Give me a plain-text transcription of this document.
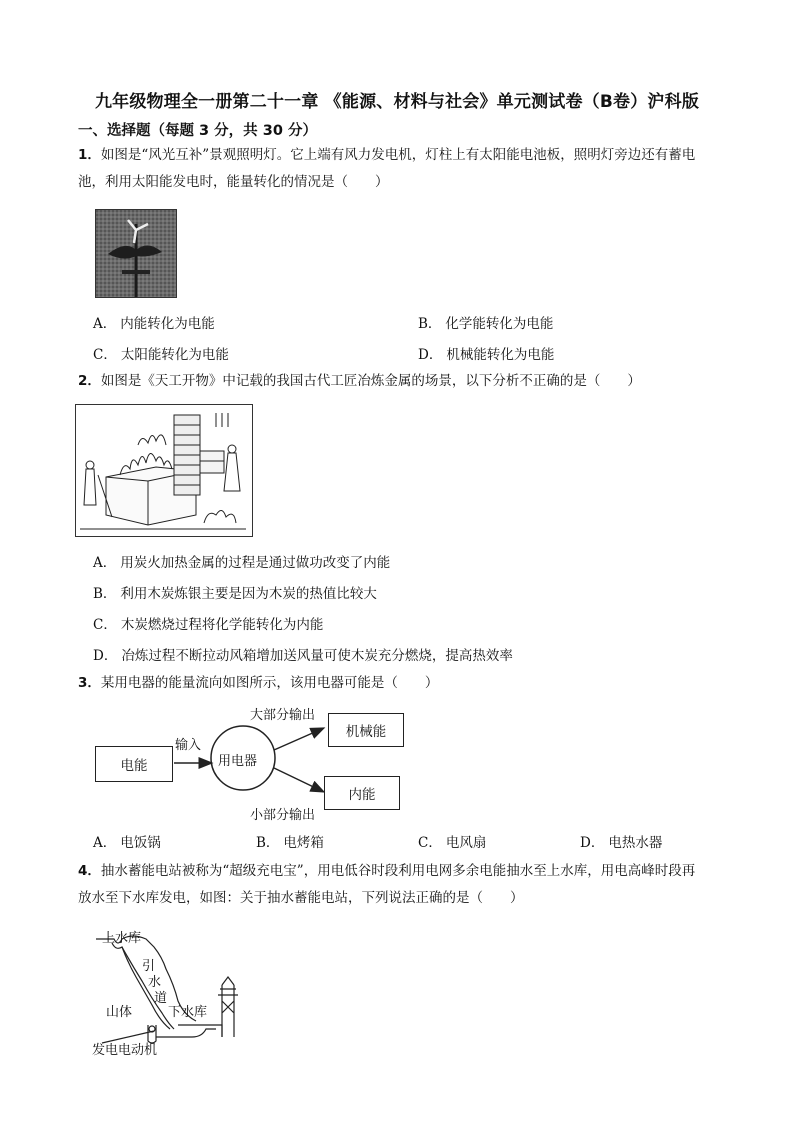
九年级物理全一册第二十一章 《能源、材料与社会》单元测试卷（B卷）沪科版
一、选择题（每题 3 分，共 30 分）
1．如图是“风光互补”景观照明灯。它上端有风力发电机，灯柱上有太阳能电池板，照明灯旁边还有蓄电
池，利用太阳能发电时，能量转化的情况是（　　）
A． 内能转化为电能	B． 化学能转化为电能
C． 太阳能转化为电能	D． 机械能转化为电能
2．如图是《天工开物》中记载的我国古代工匠冶炼金属的场景，以下分析不正确的是（　　）
A． 用炭火加热金属的过程是通过做功改变了内能
B． 利用木炭炼银主要是因为木炭的热值比较大
C． 木炭燃烧过程将化学能转化为内能
D． 冶炼过程不断拉动风箱增加送风量可使木炭充分燃烧，提高热效率
3．某用电器的能量流向如图所示，该用电器可能是（　　）
电能
输入
用电器
大部分输出
机械能
小部分输出
内能
A． 电饭锅	B． 电烤箱	C． 电风扇	D． 电热水器
4．抽水蓄能电站被称为“超级充电宝”，用电低谷时段利用电网多余电能抽水至上水库，用电高峰时段再
放水至下水库发电，如图：关于抽水蓄能电站，下列说法正确的是（　　）
上水库
引
水
道
山体	下水库
发电电动机
